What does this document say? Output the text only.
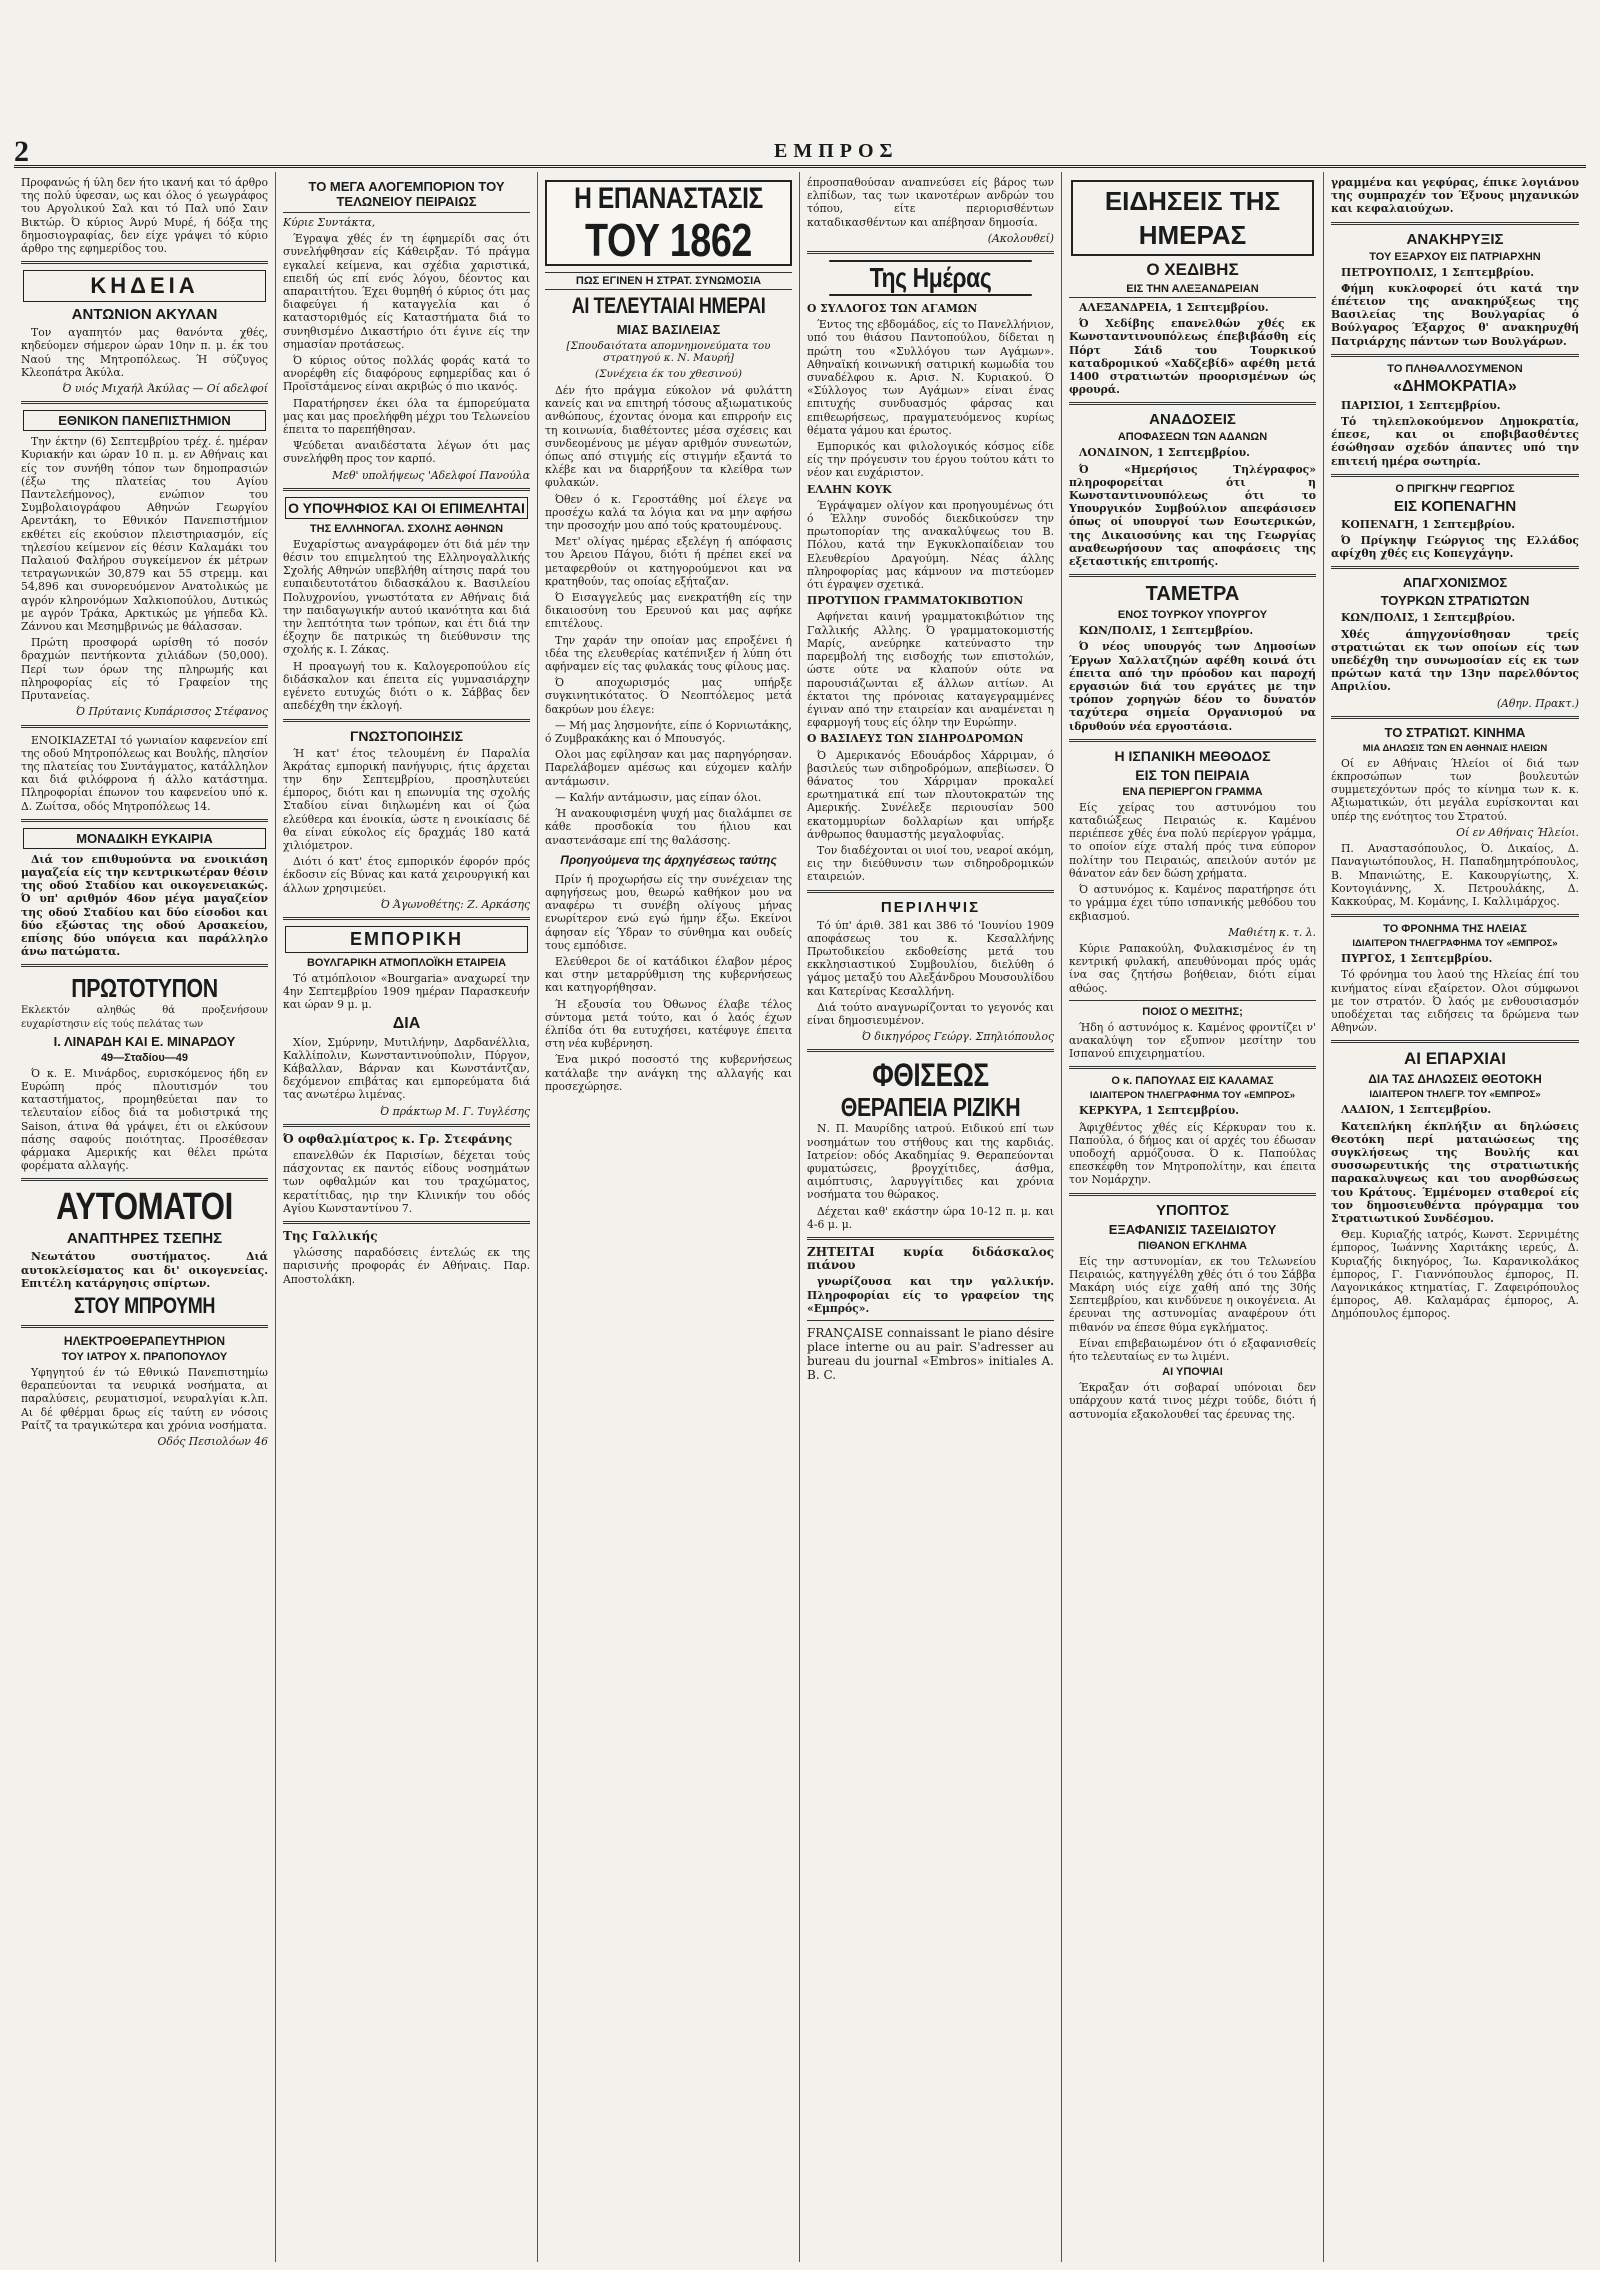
2	ΕΜΠΡΟΣ

Προφανώς ή ύλη δεν ήτο ικανή και τό άρθρο της πολύ ύφεσαν, ως και όλος ό γεωγράφος του Αργολικού Σαλ και τό Παλ υπό Σαιν Βικτώρ. Ό κύριος Άνρύ Μυρέ, ή δόξα της δημοσιογραφίας, δεν είχε γράψει τό κύριο άρθρο της εφημερίδος του.

ΚΗΔΕΙΑ
ΑΝΤΩΝΙΟΝ ΑΚΥΛΑΝ

Τον αγαπητόν μας θανόντα χθές, κηδεύομεν σήμερον ώραν 10ην π. μ. έκ του Ναού της Μητροπόλεως. Ή σύζυγος Κλεοπάτρα Άκύλα.

Ό υιός Μιχαήλ Άκύλας — Οί αδελφοί

ΕΘΝΙΚΟΝ ΠΑΝΕΠΙΣΤΗΜΙΟΝ

Την έκτην (6) Σεπτεμβρίου τρέχ. έ. ημέραν Κυριακήν και ώραν 10 π. μ. εν Αθήναις και είς τον συνήθη τόπον των δημοπρασιών (έξω της πλατείας του Αγίου Παντελεήμονος), ενώπιον του Συμβολαιογράφου Αθηνών Γεωργίου Αρεντάκη, το Εθνικόν Πανεπιστήμιον εκθέτει είς εκούσιον πλειστηριασμόν, είς τηλεσίου κείμενον είς θέσιν Καλαμάκι του Παλαιού Φαλήρου συγκείμενον έκ μέτρων τετραγωνικών 30,879 και 55 στρεμμ. και 54,896 και συνορευόμενον Ανατολικώς με αγρόν κληρονόμων Χαλκιοπούλου, Δυτικώς με αγρόν Τράκα, Αρκτικώς με γήπεδα Κλ. Ζάννου και Μεσημβρινώς με θάλασσαν.

Πρώτη προσφορά ωρίσθη τό ποσόν δραχμών πεντήκοντα χιλιάδων (50,000). Περί των όρων της πληρωμής και πληροφορίας είς τό Γραφείον της Πρυτανείας.

Ό Πρύτανις Κυπάρισσος Στέφανος

ΕΝΟΙΚΙΑΖΕΤΑΙ τό γωνιαίον καφενείον επί της οδού Μητροπόλεως και Βουλής, πλησίον της πλατείας του Συντάγματος, κατάλληλον και διά φιλόφρονα ή άλλο κατάστημα. Πληροφορίαι έπωνον του καφενείου υπό κ. Δ. Ζωίτσα, οδός Μητροπόλεως 14.

ΜΟΝΑΔΙΚΗ ΕΥΚΑΙΡΙΑ

Διά τον επιθυμούντα να ενοικιάση μαγαζεία είς την κεντρικωτέραν θέσιν της οδού Σταδίου και οικογενειακώς. Ό υπ' αριθμόν 46ον μέγα μαγαζείον της οδού Σταδίου και δύο είσοδοι και δύο εξώστας της οδού Αρσακείου, επίσης δύο υπόγεια και παράλληλο άνω πατώματα.

ΠΡΩΤΟΤΥΠΟΝ

Εκλεκτόν αληθώς θά προξενήσουν ευχαρίστησιν είς τούς πελάτας των

Ι. ΛΙΝΑΡΔΗ ΚΑΙ Ε. ΜΙΝΑΡΔΟΥ
49—Σταδίου—49

Ό κ. Ε. Μινάρδος, ευρισκόμενος ήδη εν Ευρώπη πρός πλουτισμόν του καταστήματος, προμηθεύεται παν το τελευταίον είδος διά τα μοδιστρικά της Saison, άτινα θά γράψει, έτι οι ελκύσουν πάσης σαφούς ποιότητας. Προσέθεσαν φάρμακα Αμερικής και θέλει πρώτα φορέματα αλλαγής.

ΑΥΤΟΜΑΤΟΙ
ΑΝΑΠΤΗΡΕΣ ΤΣΕΠΗΣ

Νεωτάτου συστήματος. Διά αυτοκλείσματος και δι' οικογενείας. Επιτέλη κατάργησις σπίρτων.

ΣΤΟΥ ΜΠΡΟΥΜΗ
ΗΛΕΚΤΡΟΘΕΡΑΠΕΥΤΗΡΙΟΝ
ΤΟΥ ΙΑΤΡΟΥ Χ. ΠΡΑΠΟΠΟΥΛΟΥ

Υφηγητού έν τώ Εθνικώ Πανεπιστημίω θεραπεύονται τα νευρικά νοσήματα, αι παραλύσεις, ρευματισμοί, νευραλγίαι κ.λπ. Αι δέ φθέρμαι δρως είς ταύτη εν νόσοις Ραίτζ τα τραγικώτερα και χρόνια νοσήματα.

Οδός Πεσιολόων 46

ΤΟ ΜΕΓΑ ΑΛΟΓΕΜΠΟΡΙΟΝ ΤΟΥ ΤΕΛΩΝΕΙΟΥ ΠΕΙΡΑΙΩΣ

Κύριε Συντάκτα,

Έγραψα χθές έν τη έφημερίδι σας ότι συνελήφθησαν είς Κάθειρξαν. Τό πράγμα εγκαλεί κείμενα, και σχέδια χαριστικά, επειδή ώς επί ενός λόγου, δέοντος και απαραιτήτου. Έχει θυμηθή ό κύριος ότι μας διαφεύγει ή καταγγελία και ό καταστοριθμός είς Καταστήματα διά το συνηθισμένο Δικαστήριο ότι έγινε είς την σημασίαν προτάσεως.

Ό κύριος ούτος πολλάς φοράς κατά το ανορέφθη είς διαφόρους εφημερίδας και ό Προϊστάμενος είναι ακριβώς ό πιο ικανός.

Παρατήρησεν έκει όλα τα έμπορεύματα μας και μας προελήφθη μέχρι του Τελωνείου έπειτα το παρεπήθησαν.

Ψεύδεται αναιδέστατα λέγων ότι μας συνελήφθη προς τον καρπό.

Μεθ' υπολήψεως 'Αδελφοί Πανούλα

Ο ΥΠΟΨΗΦΙΟΣ ΚΑΙ ΟΙ ΕΠΙΜΕΛΗΤΑΙ
ΤΗΣ ΕΛΛΗΝΟΓΑΛ. ΣΧΟΛΗΣ ΑΘΗΝΩΝ

Ευχαρίστως αναγράφομεν ότι διά μέν την θέσιν του επιμελητού της Ελληνογαλλικής Σχολής Αθηνών υπεβλήθη αίτησις παρά του ευπαιδευτοτάτου διδασκάλου κ. Βασιλείου Πολυχρονίου, γνωστότατα εν Αθήναις διά την παιδαγωγικήν αυτού ικανότητα και διά την λεπτότητα των τρόπων, και έτι διά την έξοχην δε πατρικώς τη διεύθυνσιν της σχολής κ. Ι. Ζάκας.

Η προαγωγή του κ. Καλογεροπούλου είς διδάσκαλον και έπειτα είς γυμνασιάρχην εγένετο ευτυχώς διότι ο κ. Σάββας δεν απεδέχθη την έκλογή.

ΓΝΩΣΤΟΠΟΙΗΣΙΣ

Ή κατ' έτος τελουμένη έν Παραλία Άκράτας εμπορική πανήγυρις, ήτις άρχεται την 6ην Σεπτεμβρίου, προσηλυτεύει έμπορος, διότι και η επωνυμία της σχολής Σταδίου είναι διηλωμένη και οί ζώα ελεύθερα και ένοικία, ώστε η ενοικίασις δέ θα είναι εύκολος είς δραχμάς 180 κατά χιλιόμετρον.

Διότι ό κατ' έτος εμπορικόν έφορόν πρός έκδοσιν είς Βύνας και κατά χειρουργική και άλλων χρησιμεύει.

Ό Άγωνοθέτης: Ζ. Αρκάσης

ΕΜΠΟΡΙΚΗ
ΒΟΥΛΓΑΡΙΚΗ ΑΤΜΟΠΛΟΪΚΗ ΕΤΑΙΡΕΙΑ

Τό ατμόπλοιον «Bourgaria» αναχωρεί την 4ην Σεπτεμβρίου 1909 ημέραν Παρασκευήν και ώραν 9 μ. μ.

ΔΙΑ

Χίον, Σμύρνην, Μυτιλήνην, Δαρδανέλλια, Καλλίπολιν, Κωνσταντινούπολιν, Πύργον, Κάβαλλαν, Βάρναν και Κωνστάντζαν, δεχόμενον επιβάτας και εμπορεύματα διά τας ανωτέρω λιμένας.

Ό πράκτωρ Μ. Γ. Τυγλέσης

Ό οφθαλμίατρος κ. Γρ. Στεφάνης

επανελθών έκ Παρισίων, δέχεται τούς πάσχοντας εκ παντός είδους νοσημάτων των οφθαλμών και του τραχώματος, κερατίτιδας, ηιρ την Κλινικήν του οδός Αγίου Κωνσταντίνου 7.

Της Γαλλικής

γλώσσης παραδόσεις έντελώς εκ της παρισινής προφοράς έν Αθήναις. Παρ. Αποστολάκη.

Η ΕΠΑΝΑΣΤΑΣΙΣ
ΤΟΥ 1862
ΠΩΣ ΕΓΙΝΕΝ Η ΣΤΡΑΤ. ΣΥΝΩΜΟΣΙΑ
ΑΙ ΤΕΛΕΥΤΑΙΑΙ ΗΜΕΡΑΙ
ΜΙΑΣ ΒΑΣΙΛΕΙΑΣ
[Σπουδαιότατα απομνημονεύματα του στρατηγού κ. Ν. Μαυρή]
(Συνέχεια έκ του χθεσινού)

Δέν ήτο πράγμα εύκολον νά φυλάττη κανείς και να επιτηρή τόσους αξιωματικούς ανθώπους, έχοντας όνομα και επιρροήν εις τη κοινωνία, διαθέτοντες μέσα σχέσεις και συνδεομένους με μέγαν αριθμόν συνεωτών, όπως από στιγμής είς στιγμήν εξαντά το κλέβε και να διαρρήξουν τα κλείθρα των φυλακών.

Όθεν ό κ. Γεροστάθης μοί έλεγε να προσέχω καλά τα λόγια και να μην αφήσω την προσοχήν μου από τούς κρατουμένους.

Μετ' ολίγας ημέρας εξελέγη ή απόφασις του Άρειου Πάγου, διότι ή πρέπει εκεί να μεταφερθούν οι κατηγορούμενοι και να κρατηθούν, τας οποίας εξήταζαν.

Ό Εισαγγελεύς μας ενεκρατήθη είς την δικαιοσύνη του Ερευνού και μας αφήκε επιτέλους.

Την χαράν την οποίαν μας επροξένει ή ιδέα της ελευθερίας κατέπνιξεν ή λύπη ότι αφήναμεν είς τας φυλακάς τους φίλους μας.

Ό αποχωρισμός μας υπήρξε συγκινητικότατος. Ό Νεοπτόλεμος μετά δακρύων μου έλεγε:

— Μή μας λησμονήτε, είπε ό Κορνιωτάκης, ό Ζυμβρακάκης και ό Μπουσγός.

Ολοι μας εφίλησαν και μας παρηγόρησαν. Παρελάβομεν αμέσως και εύχομεν καλήν αντάμωσιν.

— Καλήν αντάμωσιν, μας είπαν όλοι.

Ή ανακουφισμένη ψυχή μας διαλάμπει σε κάθε προσδοκία του ήλιου και αναστενάσαμε επί της θαλάσσης.

Προηγούμενα της άρχηγέσεως ταύτης

Πρίν ή προχωρήσω είς την συνέχειαν της αφηγήσεως μου, θεωρώ καθήκον μου να αναφέρω τι συνέβη ολίγους μήνας ενωρίτερον ενώ εγώ ήμην έξω. Εκείνοι άφησαν είς Ύδραν το σύνθημα και ουδείς τους εμπόδισε.

Ελεύθεροι δε οί κατάδικοι έλαβον μέρος και στην μεταρρύθμιση της κυβερνήσεως και κατηγορήθησαν.

Ή εξουσία του Όθωνος έλαβε τέλος σύντομα μετά τούτο, και ό λαός έχων έλπίδα ότι θα ευτυχήσει, κατέφυγε έπειτα στη νέα κυβέρνηση.

Ένα μικρό ποσοστό της κυβερνήσεως κατάλαβε την ανάγκη της αλλαγής και προσεχώρησε.

έπροσπαθούσαν αναπνεύσει είς βάρος των ελπίδων, τας των ικανοτέρων ανδρών του τόπου, είτε περιορισθέντων καταδικασθέντων και απέβησαν δημοσία.

(Ακολουθεί)

Της Ημέρας

Ο ΣΥΛΛΟΓΟΣ ΤΩΝ ΑΓΑΜΩΝ

Έντος της εβδομάδος, είς το Πανελλήνιον, υπό του θιάσου Παντοπούλου, δίδεται η πρώτη του «Συλλόγου των Αγάμων». Αθηναϊκή κοινωνική σατιρική κωμωδία του συναδέλφου κ. Αρισ. Ν. Κυριακού. Ό «Σύλλογος των Αγάμων» είναι ένας επιτυχής συνδυασμός φάρσας και επιθεωρήσεως, πραγματευόμενος κυρίως θέματα γάμου και έρωτος.

Εμπορικός και φιλολογικός κόσμος είδε είς την πρόγευσιν του έργου τούτου κάτι το νέον και ευχάριστον.

ΕΛΛΗΝ ΚΟΥΚ

Έγράψαμεν ολίγον και προηγουμένως ότι ό Έλλην συνοδός διεκδικούσεν την πρωτοπορίαν της ανακαλύψεως του Β. Πόλου, κατά την Εγκυκλοπαίδειαν του Ελευθερίου Δραγούμη. Νέας άλλης πληροφορίας μας κάμνουν να πιστεύομεν ότι έγραψεν σχετικά.

ΠΡΟΤΥΠΟΝ ΓΡΑΜΜΑΤΟΚΙΒΩΤΙΟΝ

Αφήνεται καινή γραμματοκιβώτιον της Γαλλικής Αλλης. Ό γραμματοκομιστής Μαρίς, ανεύρηκε κατεύναστο την παρεμβολή της εισδοχής των επιστολών, ώστε ούτε να κλαπούν ούτε να παρουσιάζωνται εξ άλλων αιτίων. Αι έκτατοι της πρόνοιας καταγεγραμμένες έγιναν από την εταιρείαν και αναμένεται η εφαρμογή τους είς όλην την Ευρώπην.

Ο ΒΑΣΙΛΕΥΣ ΤΩΝ ΣΙΔΗΡΟΔΡΟΜΩΝ

Ό Αμερικανός Εδουάρδος Χάρριμαν, ό βασιλεύς των σιδηροδρόμων, απεβίωσεν. Ό θάνατος του Χάρριμαν προκαλεί ερωτηματικά επί των πλουτοκρατών της Αμερικής. Συνέλεξε περιουσίαν 500 εκατομμυρίων δολλαρίων και υπήρξε άνθρωπος θαυμαστής μεγαλοφυΐας.

Τον διαδέχονται οι υιοί του, νεαροί ακόμη, εις την διεύθυνσιν των σιδηροδρομικών εταιρειών.

ΠΕΡΙΛΗΨΙΣ

Τό ύπ' άριθ. 381 και 386 τό 'Ιουνίου 1909 αποφάσεως του κ. Κεσαλλήνης Πρωτοδικείου εκδοθείσης μετά του εκκλησιαστικού Συμβουλίου, διελύθη ό γάμος μεταξύ του Αλεξάνδρου Μουσουλίδου και Κατερίνας Κεσαλλήνη.

Διά τούτο αναγνωρίζονται το γεγονός και είναι δημοσιευμένον.

Ό δικηγόρος Γεώργ. Σπηλιόπουλος

ΦΘΙΣΕΩΣ
ΘΕΡΑΠΕΙΑ ΡΙΖΙΚΗ

Ν. Π. Μαυρίδης ιατρού. Ειδικού επί των νοσημάτων του στήθους και της καρδιάς. Ιατρείον: οδός Ακαδημίας 9. Θεραπεύονται φυματώσεις, βρογχίτιδες, άσθμα, αιμόπτυσις, λαρυγγίτιδες και χρόνια νοσήματα του θώρακος.

Δέχεται καθ' εκάστην ώρα 10-12 π. μ. και 4-6 μ. μ.

ΖΗΤΕΙΤΑΙ κυρία διδάσκαλος πιάνου

γνωρίζουσα και την γαλλικήν. Πληροφορίαι είς το γραφείον της «Εμπρός».

FRANÇAISE connaissant le piano désire place interne ou au pair. S'adresser au bureau du journal «Embros» initiales A. B. C.

ΕΙΔΗΣΕΙΣ ΤΗΣ ΗΜΕΡΑΣ
Ο ΧΕΔΙΒΗΣ
ΕΙΣ ΤΗΝ ΑΛΕΞΑΝΔΡΕΙΑΝ

ΑΛΕΞΑΝΔΡΕΙΑ, 1 Σεπτεμβρίου.

Ό Χεδίβης επανελθών χθές εκ Κωνσταντινουπόλεως έπεβιβάσθη είς Πόρτ Σάιδ του Τουρκικού καταδρομικού «Χαδζεβίδ» αφέθη μετά 1400 στρατιωτών προορισμένων ώς φρουρά.

ΑΝΑΔΟΣΕΙΣ
ΑΠΟΦΑΣΕΩΝ ΤΩΝ ΑΔΑΝΩΝ

ΛΟΝΔΙΝΟΝ, 1 Σεπτεμβρίου.

Ό «Ημερήσιος Τηλέγραφος» πληροφορείται ότι η Κωνσταντινουπόλεως ότι το Υπουργικόν Συμβούλιον απεφάσισεν όπως οί υπουργοί των Εσωτερικών, της Δικαιοσύνης και της Γεωργίας αναθεωρήσουν τας αποφάσεις της εξεταστικής επιτροπής.

ΤΑΜΕΤΡΑ
ΕΝΟΣ ΤΟΥΡΚΟΥ ΥΠΟΥΡΓΟΥ

ΚΩΝ/ΠΟΛΙΣ, 1 Σεπτεμβρίου.

Ό νέος υπουργός των Δημοσίων Έργων Χαλλατζηών αφέθη κοινά ότι έπειτα από την πρόοδον και παροχή εργασιών διά του εργάτες με την τρόπον χορηγών δέον το δυνατόν ταχύτερα σημεία Οργανισμού να ιδρυθούν νέα εργοστάσια.

Η ΙΣΠΑΝΙΚΗ ΜΕΘΟΔΟΣ
ΕΙΣ ΤΟΝ ΠΕΙΡΑΙΑ
ΕΝΑ ΠΕΡΙΕΡΓΟΝ ΓΡΑΜΜΑ

Είς χείρας του αστυνόμου του καταδιώξεως Πειραιώς κ. Καμένου περιέπεσε χθές ένα πολύ περίεργον γράμμα, το οποίον είχε σταλή πρός τινα εύπορον πολίτην του Πειραιώς, απειλούν αυτόν με θάνατον εάν δεν δώση χρήματα.

Ό αστυνόμος κ. Καμένος παρατήρησε ότι το γράμμα έχει τύπο ισπανικής μεθόδου του εκβιασμού.

Μαθιέτη κ. τ. λ.

Κύριε Ραπακούλη, Φυλακισμένος έν τη κεντρική φυλακή, απευθύνομαι πρός υμάς ίνα σας ζητήσω βοήθειαν, διότι είμαι αθώος.

ΠΟΙΟΣ Ο ΜΕΣΙΤΗΣ;

Ήδη ό αστυνόμος κ. Καμένος φροντίζει ν' ανακαλύψη τον εξυπνον μεσίτην του Ισπανού επιχειρηματίου.

Ο κ. ΠΑΠΟΥΛΑΣ ΕΙΣ ΚΑΛΑΜΑΣ
ΙΔΙΑΙΤΕΡΟΝ ΤΗΛΕΓΡΑΦΗΜΑ ΤΟΥ «ΕΜΠΡΟΣ»

ΚΕΡΚΥΡΑ, 1 Σεπτεμβρίου.

Άφιχθέντος χθές είς Κέρκυραν του κ. Παπούλα, ό δήμος και οί αρχές του έδωσαν υποδοχή αρμόζουσα. Ό κ. Παπούλας επεσκέφθη τον Μητροπολίτην, και έπειτα τον Νομάρχην.

ΥΠΟΠΤΟΣ
ΕΞΑΦΑΝΙΣΙΣ ΤΑΣΕΙΔΙΩΤΟΥ
ΠΙΘΑΝΟΝ ΕΓΚΛΗΜΑ

Είς την αστυνομίαν, εκ του Τελωνείου Πειραιώς, κατηγγέλθη χθές ότι ό του Σάββα Μακάρη υιός είχε χαθή από της 30ής Σεπτεμβρίου, και κινδύνευε η οικογένεια. Αι έρευναι της αστυνομίας αναφέρουν ότι πιθανόν να έπεσε θύμα εγκλήματος.

Είναι επιβεβαιωμένον ότι ό εξαφανισθείς ήτο τελευταίως εν τω λιμένι.

ΑΙ ΥΠΟΨΙΑΙ

Έκραξαν ότι σοβαραί υπόνοιαι δεν υπάρχουν κατά τινος μέχρι τούδε, διότι ή αστυνομία εξακολουθεί τας έρευνας της.

γραμμένα και γεφύρας, έπικε λογιάνου της συμπραχέν τον Έξνους μηχανικών και κεφαλαιούχων.

ΑΝΑΚΗΡΥΞΙΣ
ΤΟΥ ΕΞΑΡΧΟΥ ΕΙΣ ΠΑΤΡΙΑΡΧΗΝ

ΠΕΤΡΟΥΠΟΛΙΣ, 1 Σεπτεμβρίου.

Φήμη κυκλοφορεί ότι κατά την έπέτειον της ανακηρύξεως της Βασιλείας της Βουλγαρίας ό Βούλγαρος Έξαρχος θ' ανακηρυχθή Πατριάρχης πάντων των Βουλγάρων.

ΤΟ ΠΛΗΘΑΛΛΟΣΥΜΕΝΟΝ
«ΔΗΜΟΚΡΑΤΙΑ»

ΠΑΡΙΣΙΟΙ, 1 Σεπτεμβρίου.

Τό τηλεπλοκούμενον Δημοκρατία, έπεσε, και οι εποβιβασθέντες έσώθησαν σχεδόν άπαντες υπό την επιτειή ημέρα σωτηρία.

Ο ΠΡΙΓΚΗΨ ΓΕΩΡΓΙΟΣ
ΕΙΣ ΚΟΠΕΝΑΓΗΝ

ΚΟΠΕΝΑΓΗ, 1 Σεπτεμβρίου.

Ό Πρίγκηψ Γεώργιος της Ελλάδος αφίχθη χθές εις Κοπεγχάγην.

ΑΠΑΓΧΟΝΙΣΜΟΣ
ΤΟΥΡΚΩΝ ΣΤΡΑΤΙΩΤΩΝ

ΚΩΝ/ΠΟΛΙΣ, 1 Σεπτεμβρίου.

Χθές άπηγχονίσθησαν τρείς στρατιώται εκ των οποίων είς των υπεδέχθη την συνωμοσίαν είς εκ των πρώτων κατά την 13ην παρελθόντος Απριλίου.

(Αθην. Πρακτ.)

ΤΟ ΣΤΡΑΤΙΩΤ. ΚΙΝΗΜΑ
ΜΙΑ ΔΗΛΩΣΙΣ ΤΩΝ ΕΝ ΑΘΗΝΑΙΣ ΗΛΕΙΩΝ

Οί εν Αθήναις Ήλείοι οί διά των έκπροσώπων των βουλευτών συμμετεχόντων πρός το κίνημα των κ. κ. Αξιωματικών, ότι μεγάλα ευρίσκονται και υπέρ της ενότητος του Στρατού.

Οί εν Αθήναις Ήλείοι.

Π. Αναστασόπουλος, Ό. Δικαίος, Δ. Παναγιωτόπουλος, Η. Παπαδημητρόπουλος, Β. Μπανιώτης, Ε. Κακουργίωτης, Χ. Κοντογιάννης, Χ. Πετρουλάκης, Δ. Κακκούρας, Μ. Κομάνης, Ι. Καλλιμάρχος.

ΤΟ ΦΡΟΝΗΜΑ ΤΗΣ ΗΛΕΙΑΣ
ΙΔΙΑΙΤΕΡΟΝ ΤΗΛΕΓΡΑΦΗΜΑ ΤΟΥ «ΕΜΠΡΟΣ»

ΠΥΡΓΟΣ, 1 Σεπτεμβρίου.

Τό φρόνημα του λαού της Ηλείας έπί του κινήματος είναι εξαίρετον. Ολοι σύμφωνοι με τον στρατόν. Ό λαός με ενθουσιασμόν υποδέχεται τας ειδήσεις τα δρώμενα των Αθηνών.

ΑΙ ΕΠΑΡΧΙΑΙ
ΔΙΑ ΤΑΣ ΔΗΛΩΣΕΙΣ ΘΕΟΤΟΚΗ
ΙΔΙΑΙΤΕΡΟΝ ΤΗΛΕΓΡ. ΤΟΥ «ΕΜΠΡΟΣ»

ΛΑΔΙΟΝ, 1 Σεπτεμβρίου.

Κατεπλήκη έκπλήξιν αι δηλώσεις Θεοτόκη περί ματαιώσεως της συγκλήσεως της Βουλής και συσσωρευτικής της στρατιωτικής παρακαλυψεως και του ανορθώσεως του Κράτους. Έμμένομεν σταθεροί είς τον δημοσιευθέντα πρόγραμμα του Στρατιωτικού Συνδέσμου.

Θεμ. Κυριαζής ιατρός, Κωνστ. Σερνιμέτης έμπορος, Ίωάννης Χαριτάκης ιερεύς, Δ. Κυριαζής δικηγόρος, Ίω. Καρανικολάκος έμπορος, Γ. Γιαννόπουλος έμπορος, Π. Λαγονικάκος κτηματίας, Γ. Ζαφειρόπουλος έμπορος, Αθ. Καλαμάρας έμπορος, Α. Δημόπουλος έμπορος.
